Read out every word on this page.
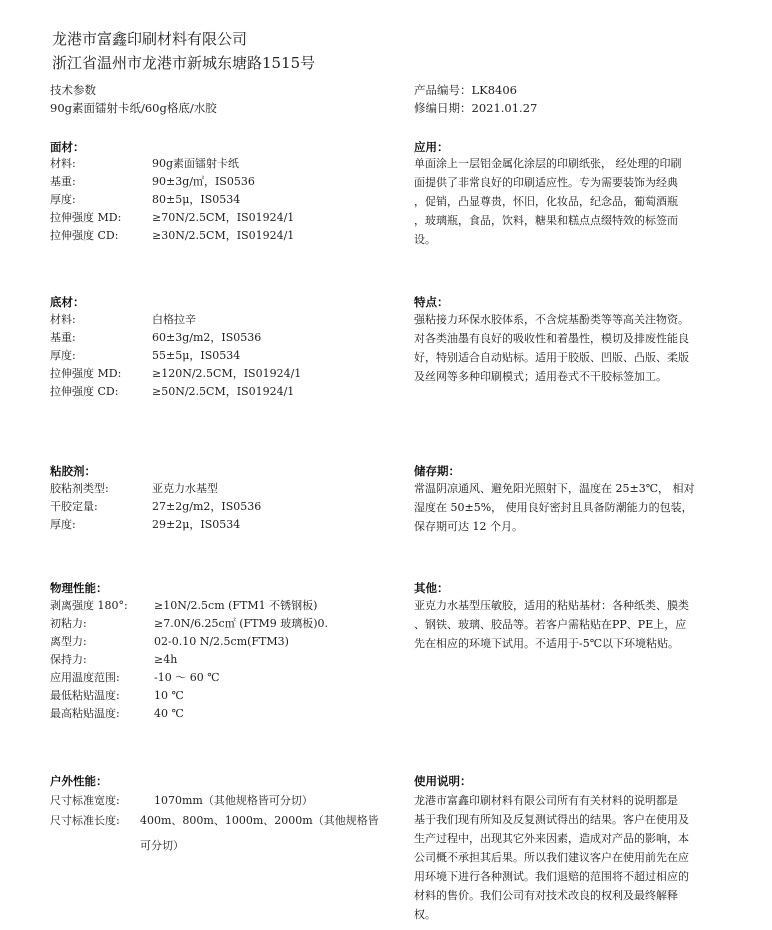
龙港市富鑫印刷材料有限公司
浙江省温州市龙港市新城东塘路1515号
技术参数
90g素面镭射卡纸/60g格底/水胶
产品编号：LK8406
修编日期：2021.01.27
面材：
材料:	90g素面镭射卡纸
基重:	90±3g/㎡，IS0536
厚度:	80±5μ，IS0534
拉伸强度 MD:	≥70N/2.5CM，IS01924/1
拉伸强度 CD:	≥30N/2.5CM，IS01924/1
应用：
单面涂上一层铝金属化涂层的印刷纸张， 经处理的印刷
面提供了非常良好的印刷适应性。专为需要装饰为经典
，促销，凸显尊贵，怀旧，化妆品，纪念品，葡萄酒瓶
，玻璃瓶，食品，饮料，糖果和糕点点缀特效的标签而
设。
底材：
材料:	白格拉辛
基重:	60±3g/m2，IS0536
厚度:	55±5μ，IS0534
拉伸强度 MD:	≥120N/2.5CM，IS01924/1
拉伸强度 CD:	≥50N/2.5CM，IS01924/1
特点：
强粘接力环保水胶体系，不含烷基酚类等等高关注物资。
对各类油墨有良好的吸收性和着墨性，模切及排废性能良
好，特别适合自动贴标。适用于胶版、凹版、凸版、柔版
及丝网等多种印刷模式；适用卷式不干胶标签加工。
粘胶剂：
胶粘剂类型:	亚克力水基型
干胶定量:	27±2g/m2，IS0536
厚度:	29±2μ，IS0534
储存期：
常温阴凉通风、避免阳光照射下，温度在 25±3℃， 相对
湿度在 50±5%， 使用良好密封且具备防潮能力的包装，
保存期可达 12 个月。
物理性能：
剥离强度 180°: ≥10N/2.5cm (FTM1 不锈钢板)
初粘力:	≥7.0N/6.25c㎡ (FTM9 玻璃板)0.
离型力:	02-0.10 N/2.5cm(FTM3)
保持力:	≥4h
应用温度范围:	-10 ～ 60 ℃
最低粘贴温度:	10 ℃
最高粘贴温度:	40 ℃
其他：
亚克力水基型压敏胶，适用的粘贴基材：各种纸类、膜类
、钢铁、玻璃、胶品等。若客户需粘贴在PP、PE上，应
先在相应的环境下试用。不适用于-5℃以下环境粘贴。
户外性能：
尺寸标准宽度:	1070mm（其他规格皆可分切）
尺寸标准长度: 400m、800m、1000m、2000m（其他规格皆
可分切）
使用说明：
龙港市富鑫印刷材料有限公司所有有关材料的说明都是
基于我们现有所知及反复测试得出的结果。客户在使用及
生产过程中，出现其它外来因素，造成对产品的影响，本
公司概不承担其后果。所以我们建议客户在使用前先在应
用环境下进行各种测试。我们退赔的范围将不超过相应的
材料的售价。我们公司有对技术改良的权利及最终解释
权。
